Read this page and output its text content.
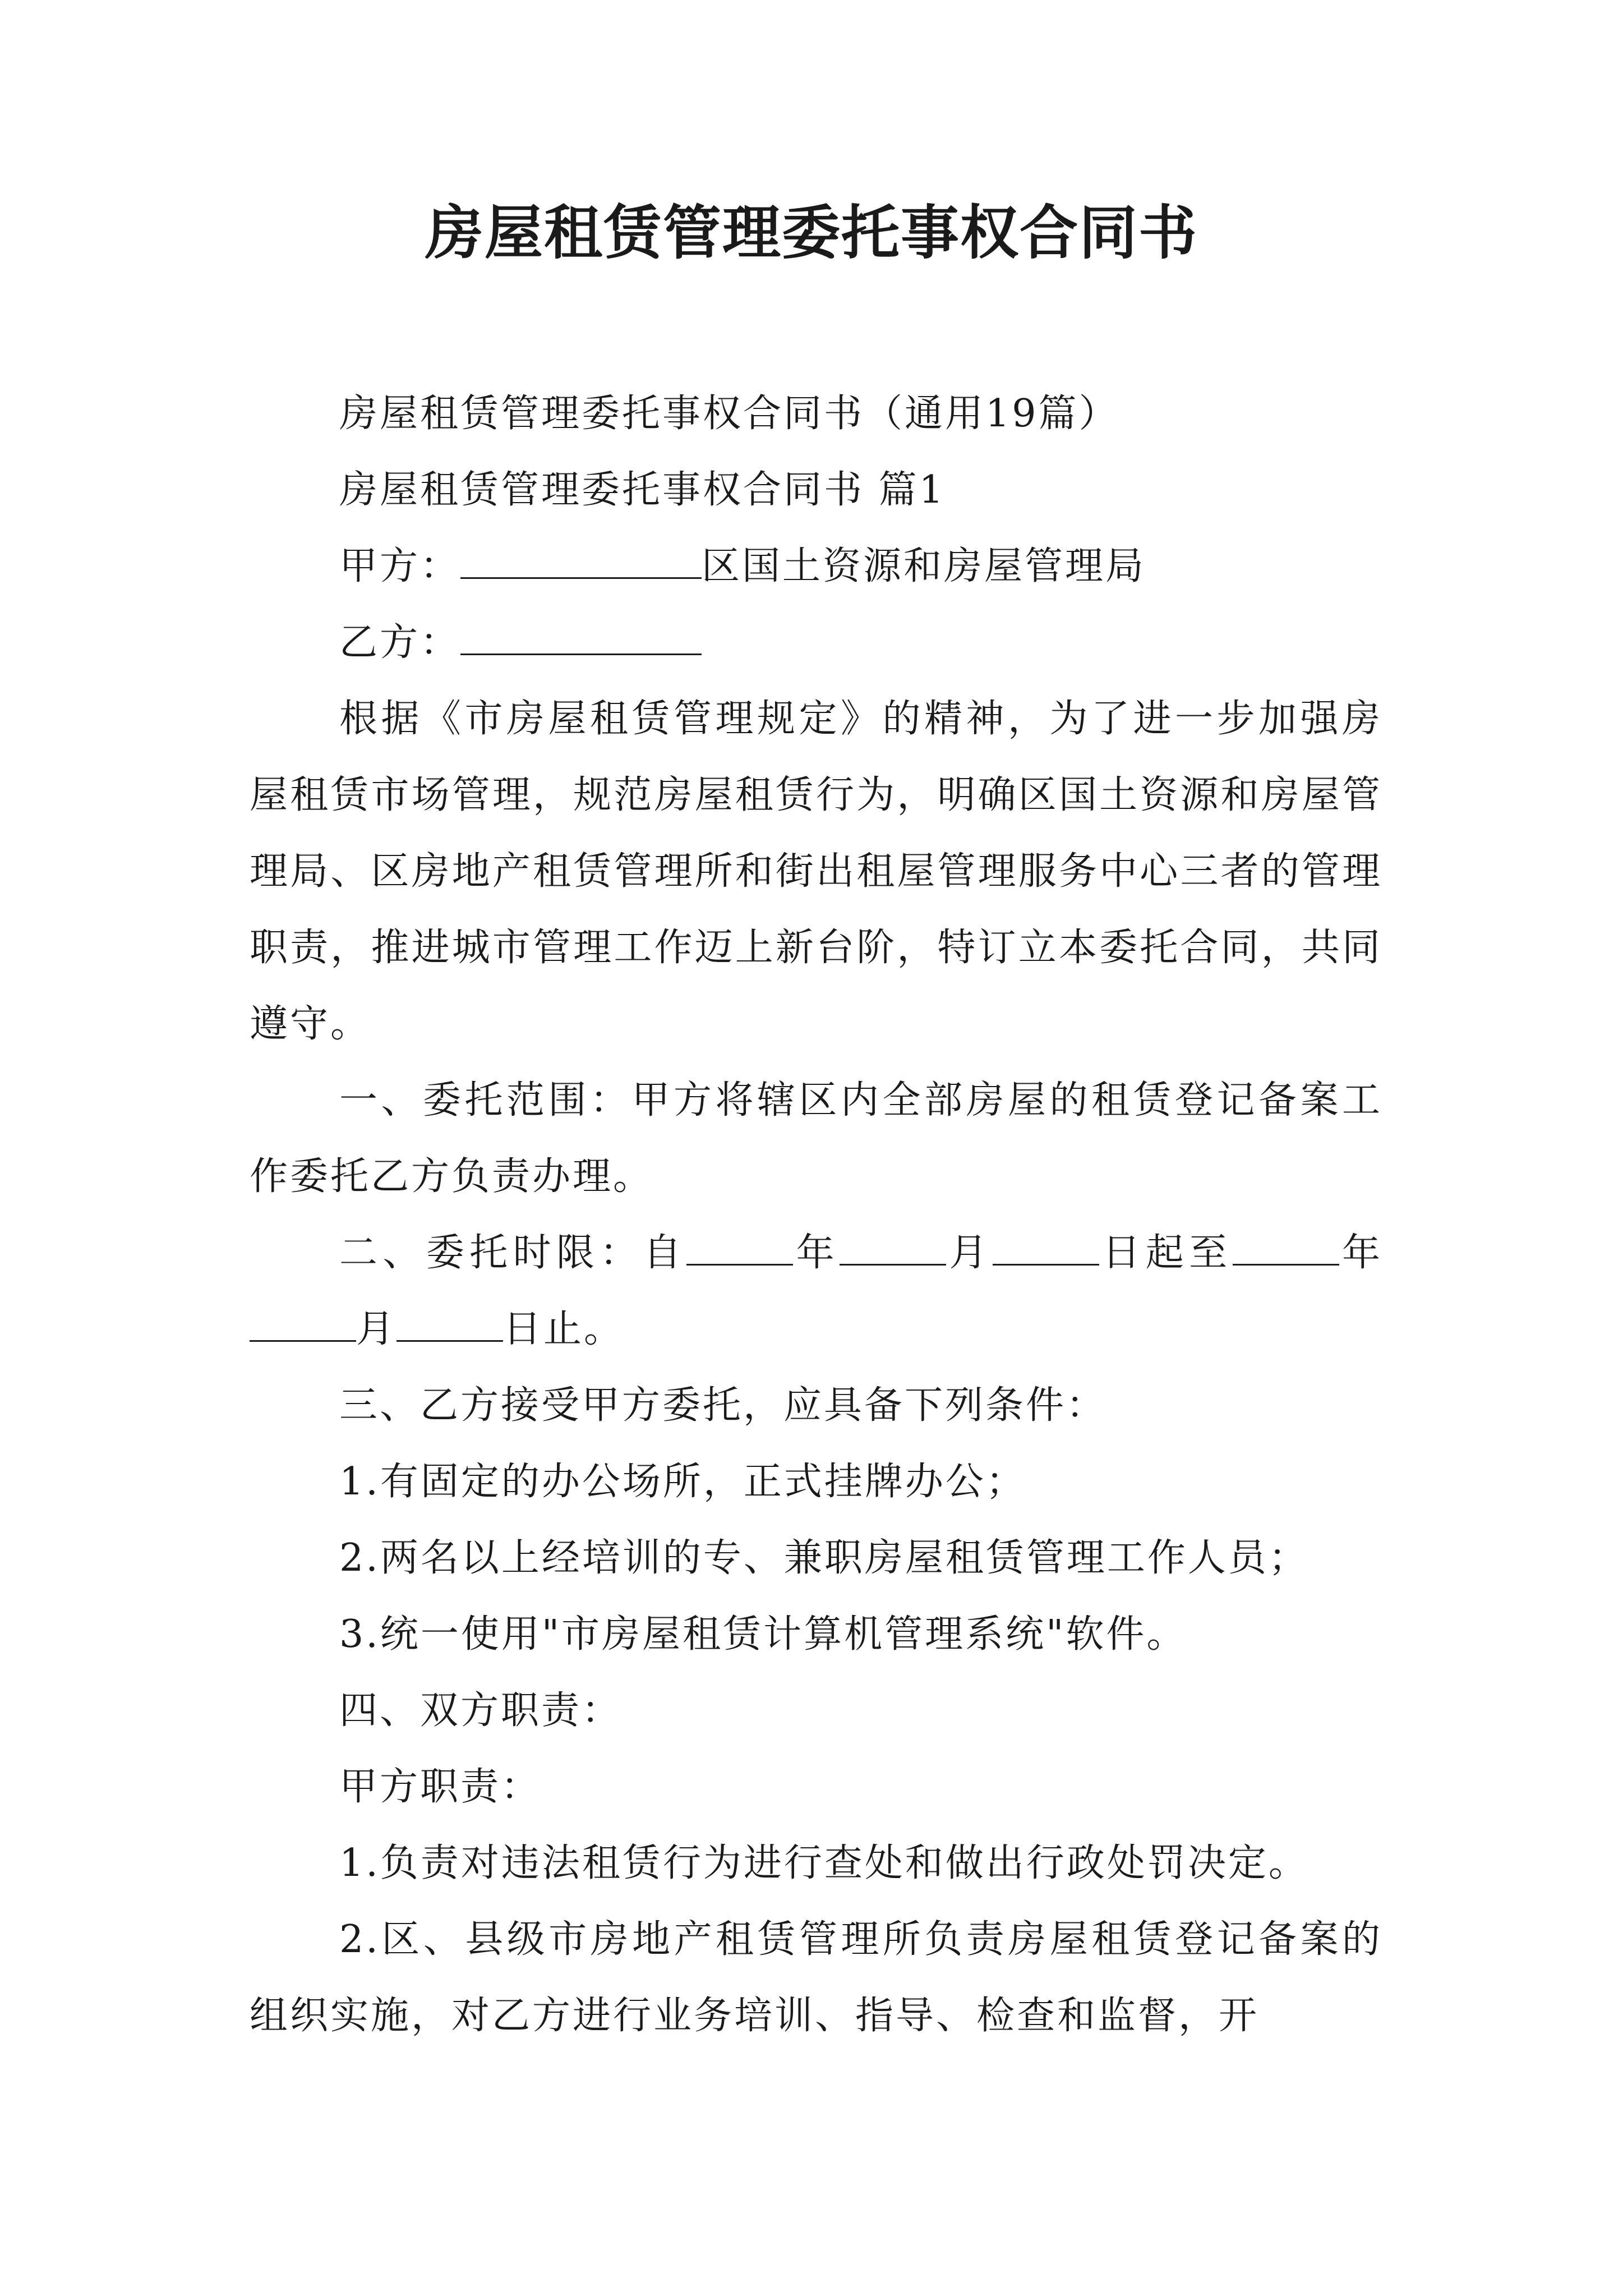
房屋租赁管理委托事权合同书

房屋租赁管理委托事权合同书（通用19篇）

房屋租赁管理委托事权合同书 篇1

甲方：	区国土资源和房屋管理局

乙方：

根据《市房屋租赁管理规定》的精神，为了进一步加强房屋租赁市场管理，规范房屋租赁行为，明确区国土资源和房屋管理局、区房地产租赁管理所和街出租屋管理服务中心三者的管理职责，推进城市管理工作迈上新台阶，特订立本委托合同，共同遵守。

一、委托范围：甲方将辖区内全部房屋的租赁登记备案工作委托乙方负责办理。

二、委托时限：自	年	月	日起至	年月	日止。

三、乙方接受甲方委托，应具备下列条件：

1.有固定的办公场所，正式挂牌办公；

2.两名以上经培训的专、兼职房屋租赁管理工作人员；

3.统一使用"市房屋租赁计算机管理系统"软件。

四、双方职责：

甲方职责：

1.负责对违法租赁行为进行查处和做出行政处罚决定。

2.区、县级市房地产租赁管理所负责房屋租赁登记备案的组织实施，对乙方进行业务培训、指导、检查和监督，开
